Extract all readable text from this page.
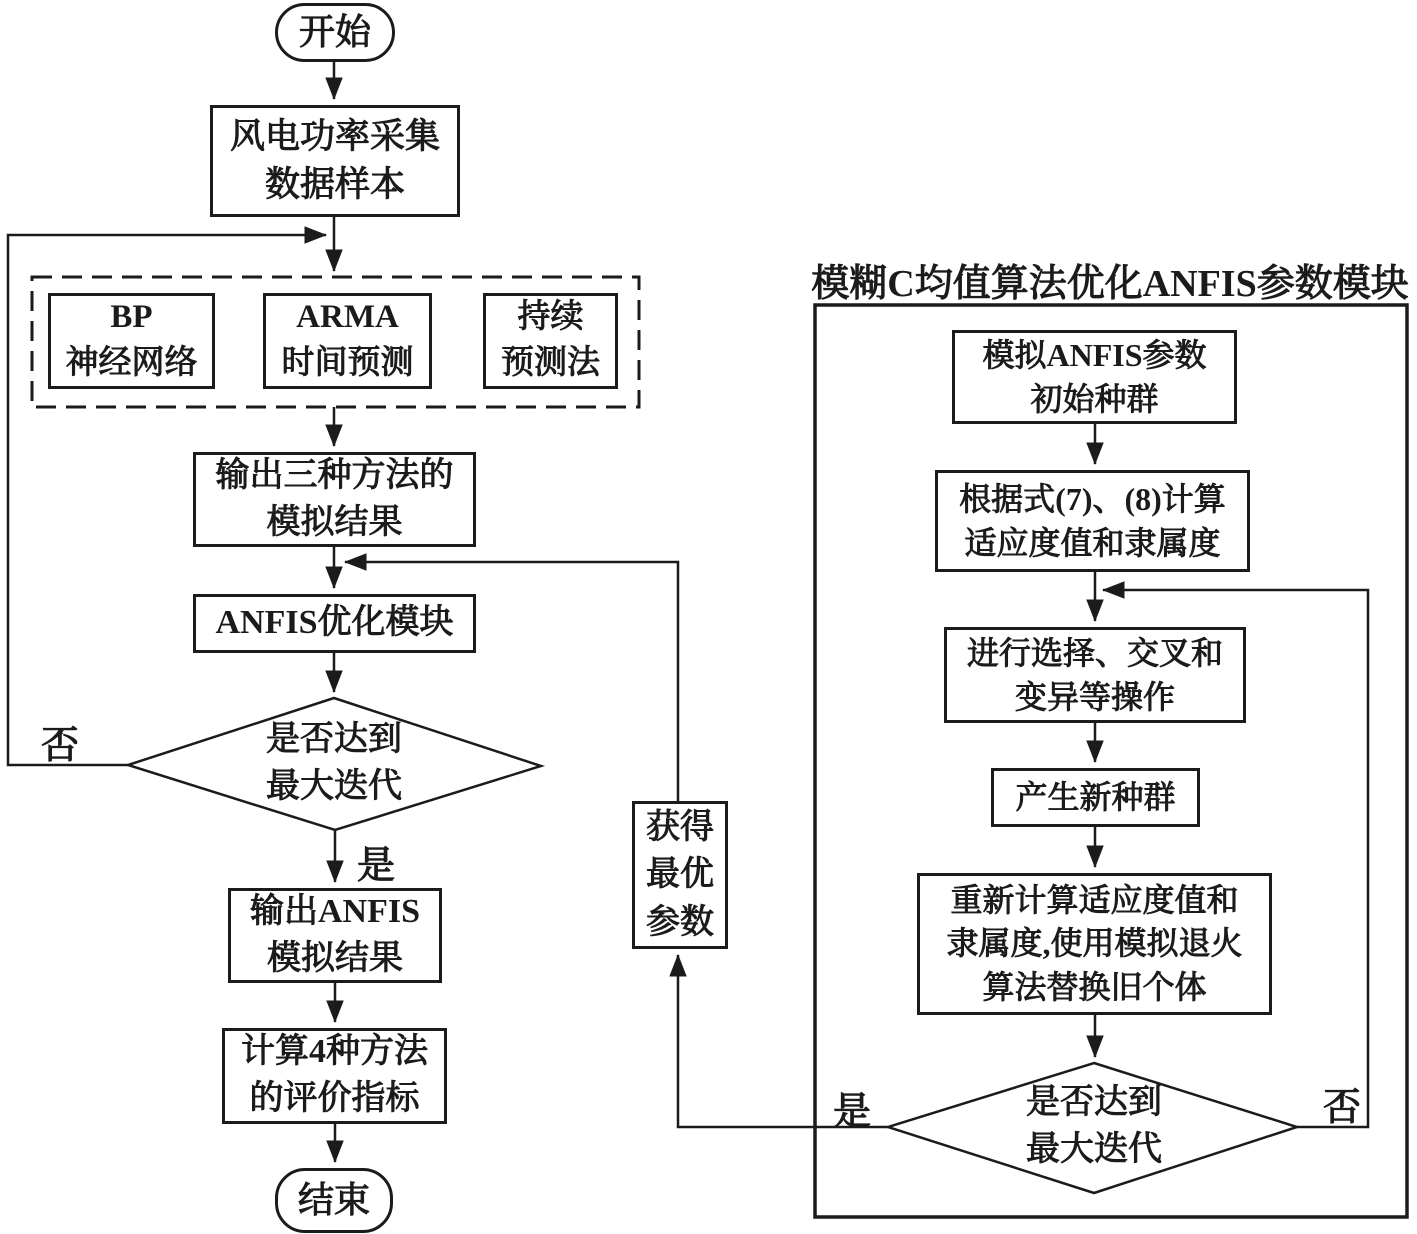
模糊C均值算法优化ANFIS参数模块
开始
风电功率采集
数据样本
BP
神经网络
ARMA
时间预测
持续
预测法
输出三种方法的
模拟结果
ANFIS优化模块
是否达到
最大迭代
输出ANFIS
模拟结果
计算4种方法
的评价指标
结束
获得
最优
参数
模拟ANFIS参数
初始种群
根据式(7)、(8)计算
适应度值和隶属度
进行选择、交叉和
变异等操作
产生新种群
重新计算适应度值和
隶属度,使用模拟退火
算法替换旧个体
是否达到
最大迭代
否
是
是	否
